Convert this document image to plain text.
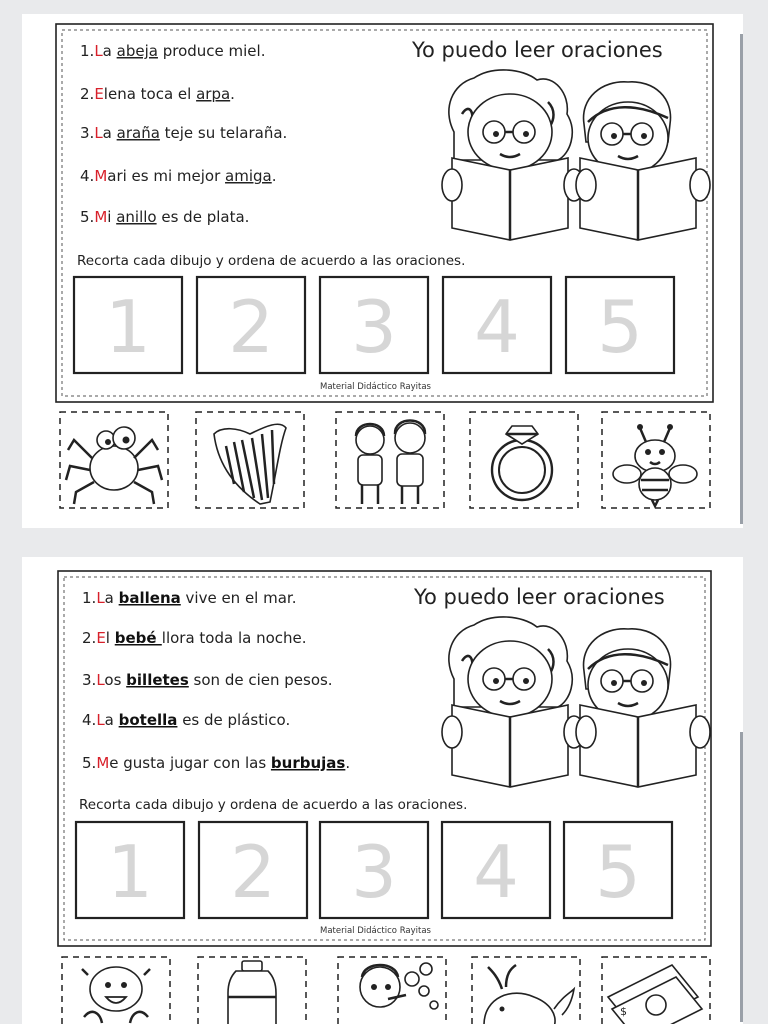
1.La abeja produce miel.
2.Elena toca el arpa.
3.La araña teje su telaraña.
4.Mari es mi mejor amiga.
5.Mi anillo es de plata.
Yo puedo leer oraciones
Recorta cada dibujo y ordena de acuerdo a las oraciones.
1 2 3 4 5
Material Didáctico Rayitas
1.La ballena vive en el mar.
2.El bebé llora toda la noche.
3.Los billetes son de cien pesos.
4.La botella es de plástico.
5.Me gusta jugar con las burbujas.
Yo puedo leer oraciones
Recorta cada dibujo y ordena de acuerdo a las oraciones.
1 2 3 4 5
Material Didáctico Rayitas
$
